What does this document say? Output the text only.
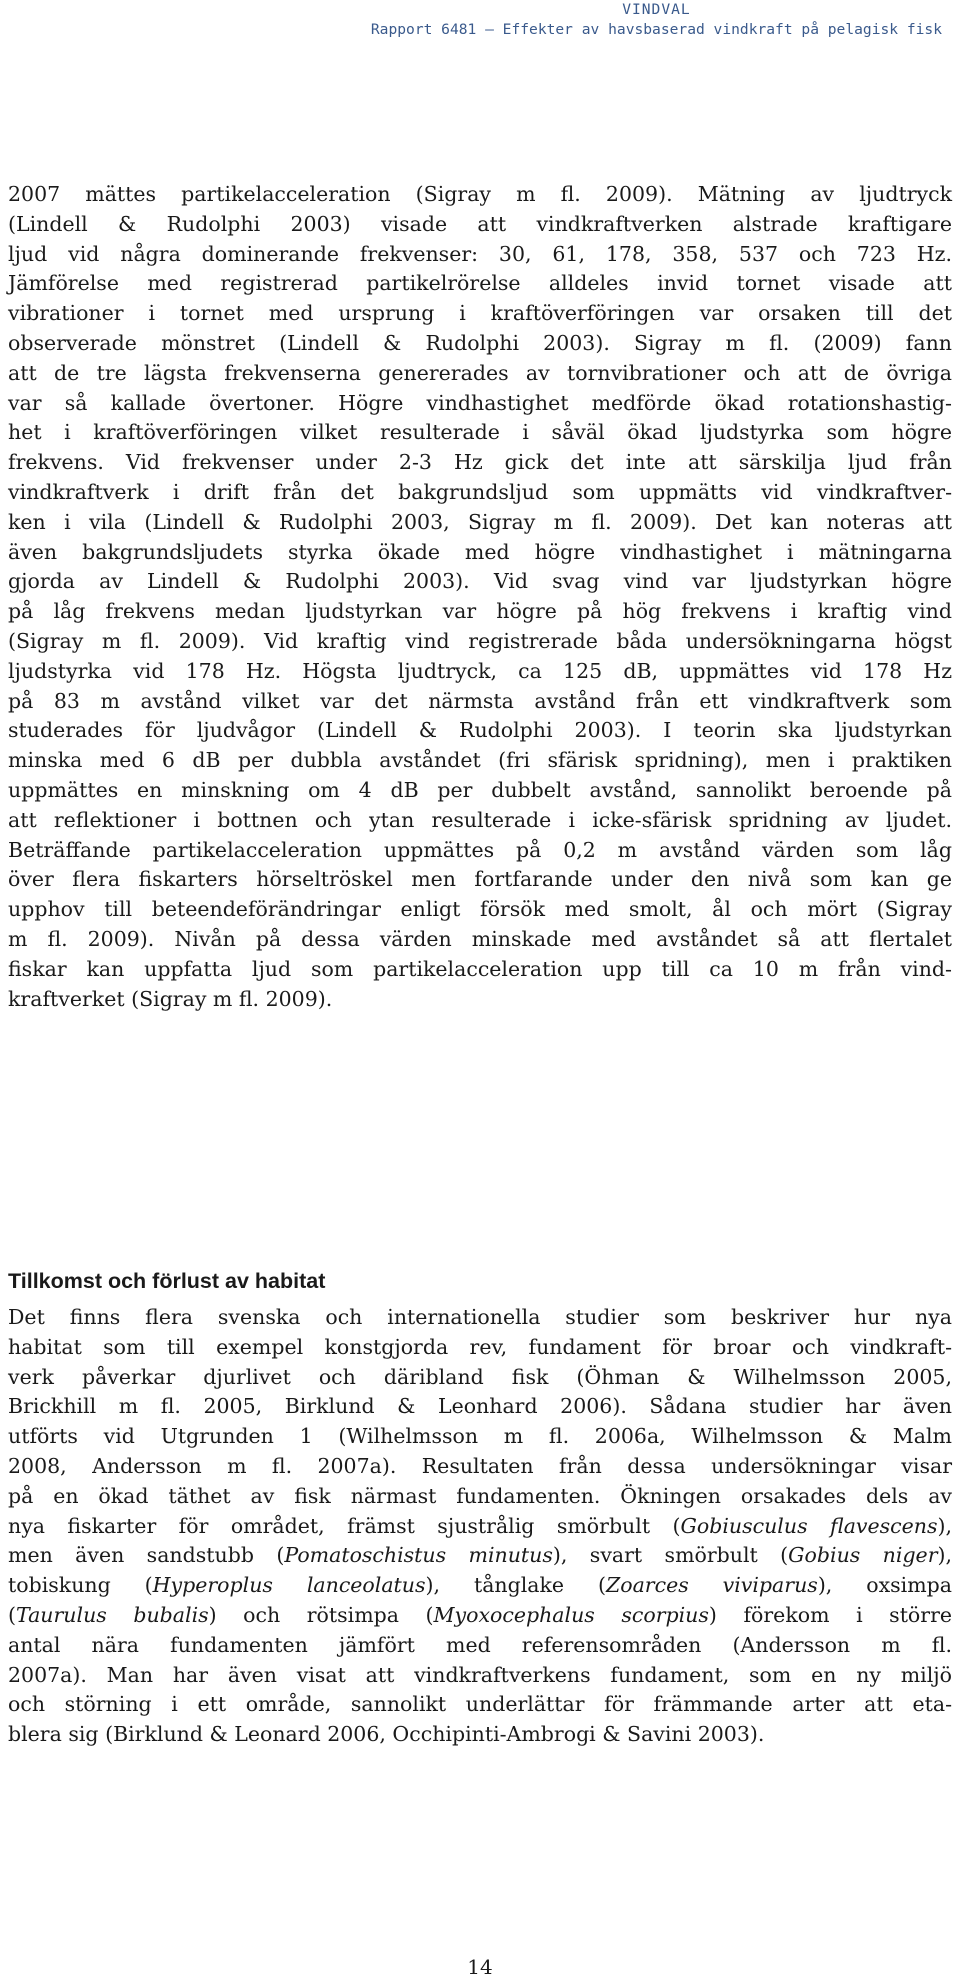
VINDVAL
Rapport 6481 – Effekter av havsbaserad vindkraft på pelagisk fisk
2007 mättes partikelacceleration (Sigray m fl. 2009). Mätning av ljudtryck
(Lindell & Rudolphi 2003) visade att vindkraftverken alstrade kraftigare
ljud vid några dominerande frekvenser: 30, 61, 178, 358, 537 och 723 Hz.
Jämförelse med registrerad partikelrörelse alldeles invid tornet visade att
vibrationer i tornet med ursprung i kraftöverföringen var orsaken till det
observerade mönstret (Lindell & Rudolphi 2003). Sigray m fl. (2009) fann
att de tre lägsta frekvenserna genererades av tornvibrationer och att de övriga
var så kallade övertoner. Högre vindhastighet medförde ökad rotationshastig-
het i kraftöverföringen vilket resulterade i såväl ökad ljudstyrka som högre
frekvens. Vid frekvenser under 2-3 Hz gick det inte att särskilja ljud från
vindkraftverk i drift från det bakgrundsljud som uppmätts vid vindkraftver-
ken i vila (Lindell & Rudolphi 2003, Sigray m fl. 2009). Det kan noteras att
även bakgrundsljudets styrka ökade med högre vindhastighet i mätningarna
gjorda av Lindell & Rudolphi 2003). Vid svag vind var ljudstyrkan högre
på låg frekvens medan ljudstyrkan var högre på hög frekvens i kraftig vind
(Sigray m fl. 2009). Vid kraftig vind registrerade båda undersökningarna högst
ljudstyrka vid 178 Hz. Högsta ljudtryck, ca 125 dB, uppmättes vid 178 Hz
på 83 m avstånd vilket var det närmsta avstånd från ett vindkraftverk som
studerades för ljudvågor (Lindell & Rudolphi 2003). I teorin ska ljudstyrkan
minska med 6 dB per dubbla avståndet (fri sfärisk spridning), men i praktiken
uppmättes en minskning om 4 dB per dubbelt avstånd, sannolikt beroende på
att reflektioner i bottnen och ytan resulterade i icke-sfärisk spridning av ljudet.
Beträffande partikelacceleration uppmättes på 0,2 m avstånd värden som låg
över flera fiskarters hörseltröskel men fortfarande under den nivå som kan ge
upphov till beteendeförändringar enligt försök med smolt, ål och mört (Sigray
m fl. 2009). Nivån på dessa värden minskade med avståndet så att flertalet
fiskar kan uppfatta ljud som partikelacceleration upp till ca 10 m från vind-
kraftverket (Sigray m fl. 2009).
Tillkomst och förlust av habitat
Det finns flera svenska och internationella studier som beskriver hur nya
habitat som till exempel konstgjorda rev, fundament för broar och vindkraft-
verk påverkar djurlivet och däribland fisk (Öhman & Wilhelmsson 2005,
Brickhill m fl. 2005, Birklund & Leonhard 2006). Sådana studier har även
utförts vid Utgrunden 1 (Wilhelmsson m fl. 2006a, Wilhelmsson & Malm
2008, Andersson m fl. 2007a). Resultaten från dessa undersökningar visar
på en ökad täthet av fisk närmast fundamenten. Ökningen orsakades dels av
nya fiskarter för området, främst sjustrålig smörbult (Gobiusculus flavescens),
men även sandstubb (Pomatoschistus minutus), svart smörbult (Gobius niger),
tobiskung (Hyperoplus lanceolatus), tånglake (Zoarces viviparus), oxsimpa
(Taurulus bubalis) och rötsimpa (Myoxocephalus scorpius) förekom i större
antal nära fundamenten jämfört med referensområden (Andersson m fl.
2007a). Man har även visat att vindkraftverkens fundament, som en ny miljö
och störning i ett område, sannolikt underlättar för främmande arter att eta-
blera sig (Birklund & Leonard 2006, Occhipinti-Ambrogi & Savini 2003).
14
